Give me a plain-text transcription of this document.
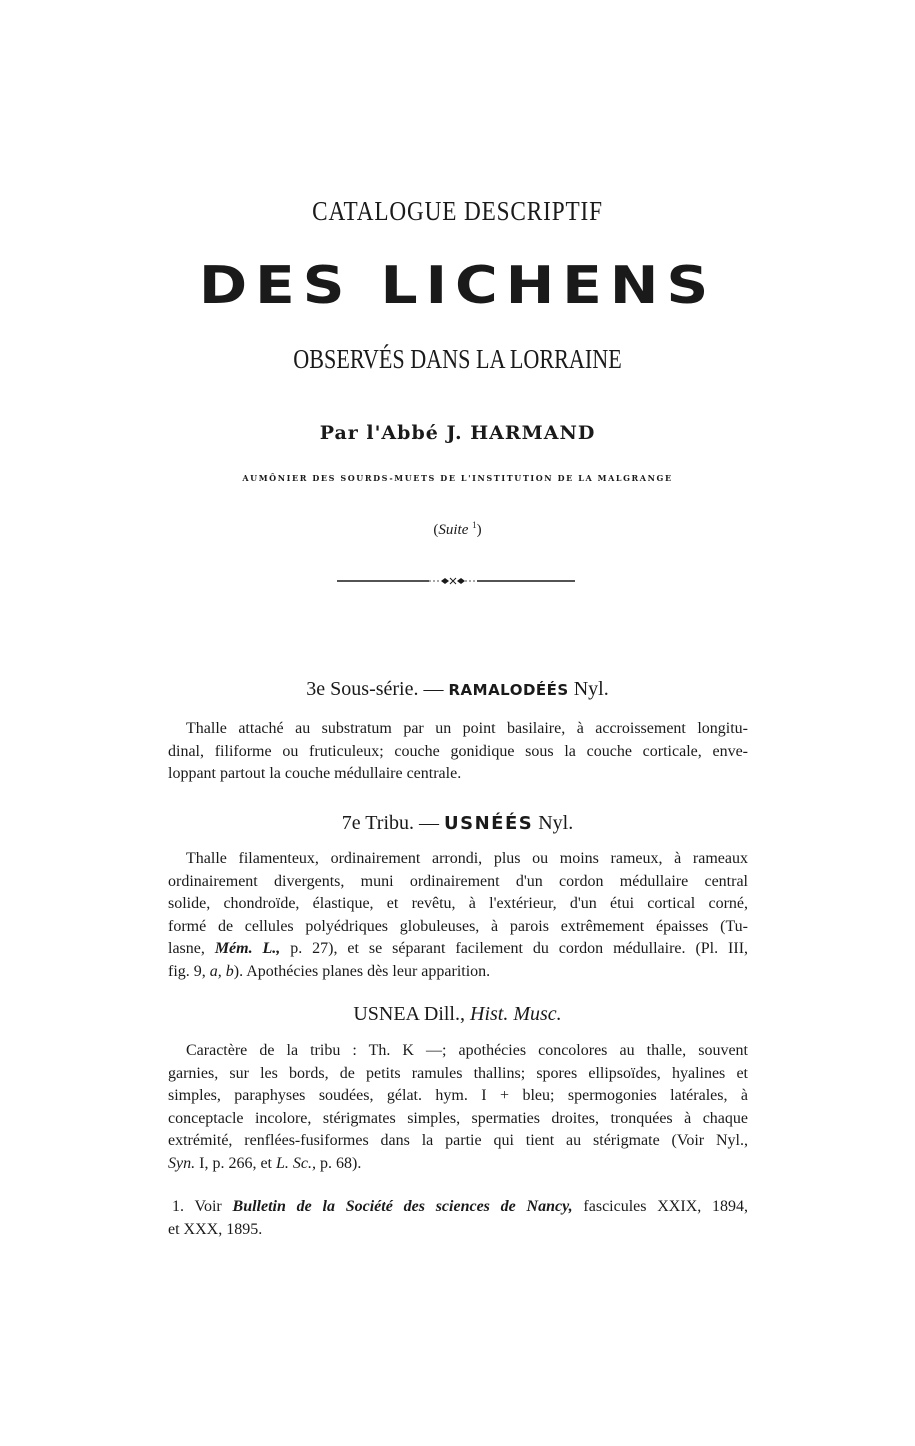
CATALOGUE DESCRIPTIF
DES LICHENS
OBSERVÉS DANS LA LORRAINE
Par l'Abbé J. HARMAND
AUMÔNIER DES SOURDS-MUETS DE L'INSTITUTION DE LA MALGRANGE
(Suite $^1$)
3e Sous-série. — RAMALODÉÉS Nyl.
Thalle attaché au substratum par un point basilaire, à accroissement longitu-
dinal, filiforme ou fruticuleux; couche gonidique sous la couche corticale, enve-
loppant partout la couche médullaire centrale.
7e Tribu. — USNÉÉS Nyl.
Thalle filamenteux, ordinairement arrondi, plus ou moins rameux, à rameaux
ordinairement divergents, muni ordinairement d'un cordon médullaire central
solide, chondroïde, élastique, et revêtu, à l'extérieur, d'un étui cortical corné,
formé de cellules polyédriques globuleuses, à parois extrêmement épaisses (Tu-
lasne, Mém. L., p. 27), et se séparant facilement du cordon médullaire. (Pl. III,
fig. 9, a, b). Apothécies planes dès leur apparition.
USNEA Dill., Hist. Musc.
Caractère de la tribu : Th. K —; apothécies concolores au thalle, souvent
garnies, sur les bords, de petits ramules thallins; spores ellipsoïdes, hyalines et
simples, paraphyses soudées, gélat. hym. I + bleu; spermogonies latérales, à
conceptacle incolore, stérigmates simples, spermaties droites, tronquées à chaque
extrémité, renflées-fusiformes dans la partie qui tient au stérigmate (Voir Nyl.,
Syn. I, p. 266, et L. Sc., p. 68).
1. Voir Bulletin de la Société des sciences de Nancy, fascicules XXIX, 1894,
et XXX, 1895.
